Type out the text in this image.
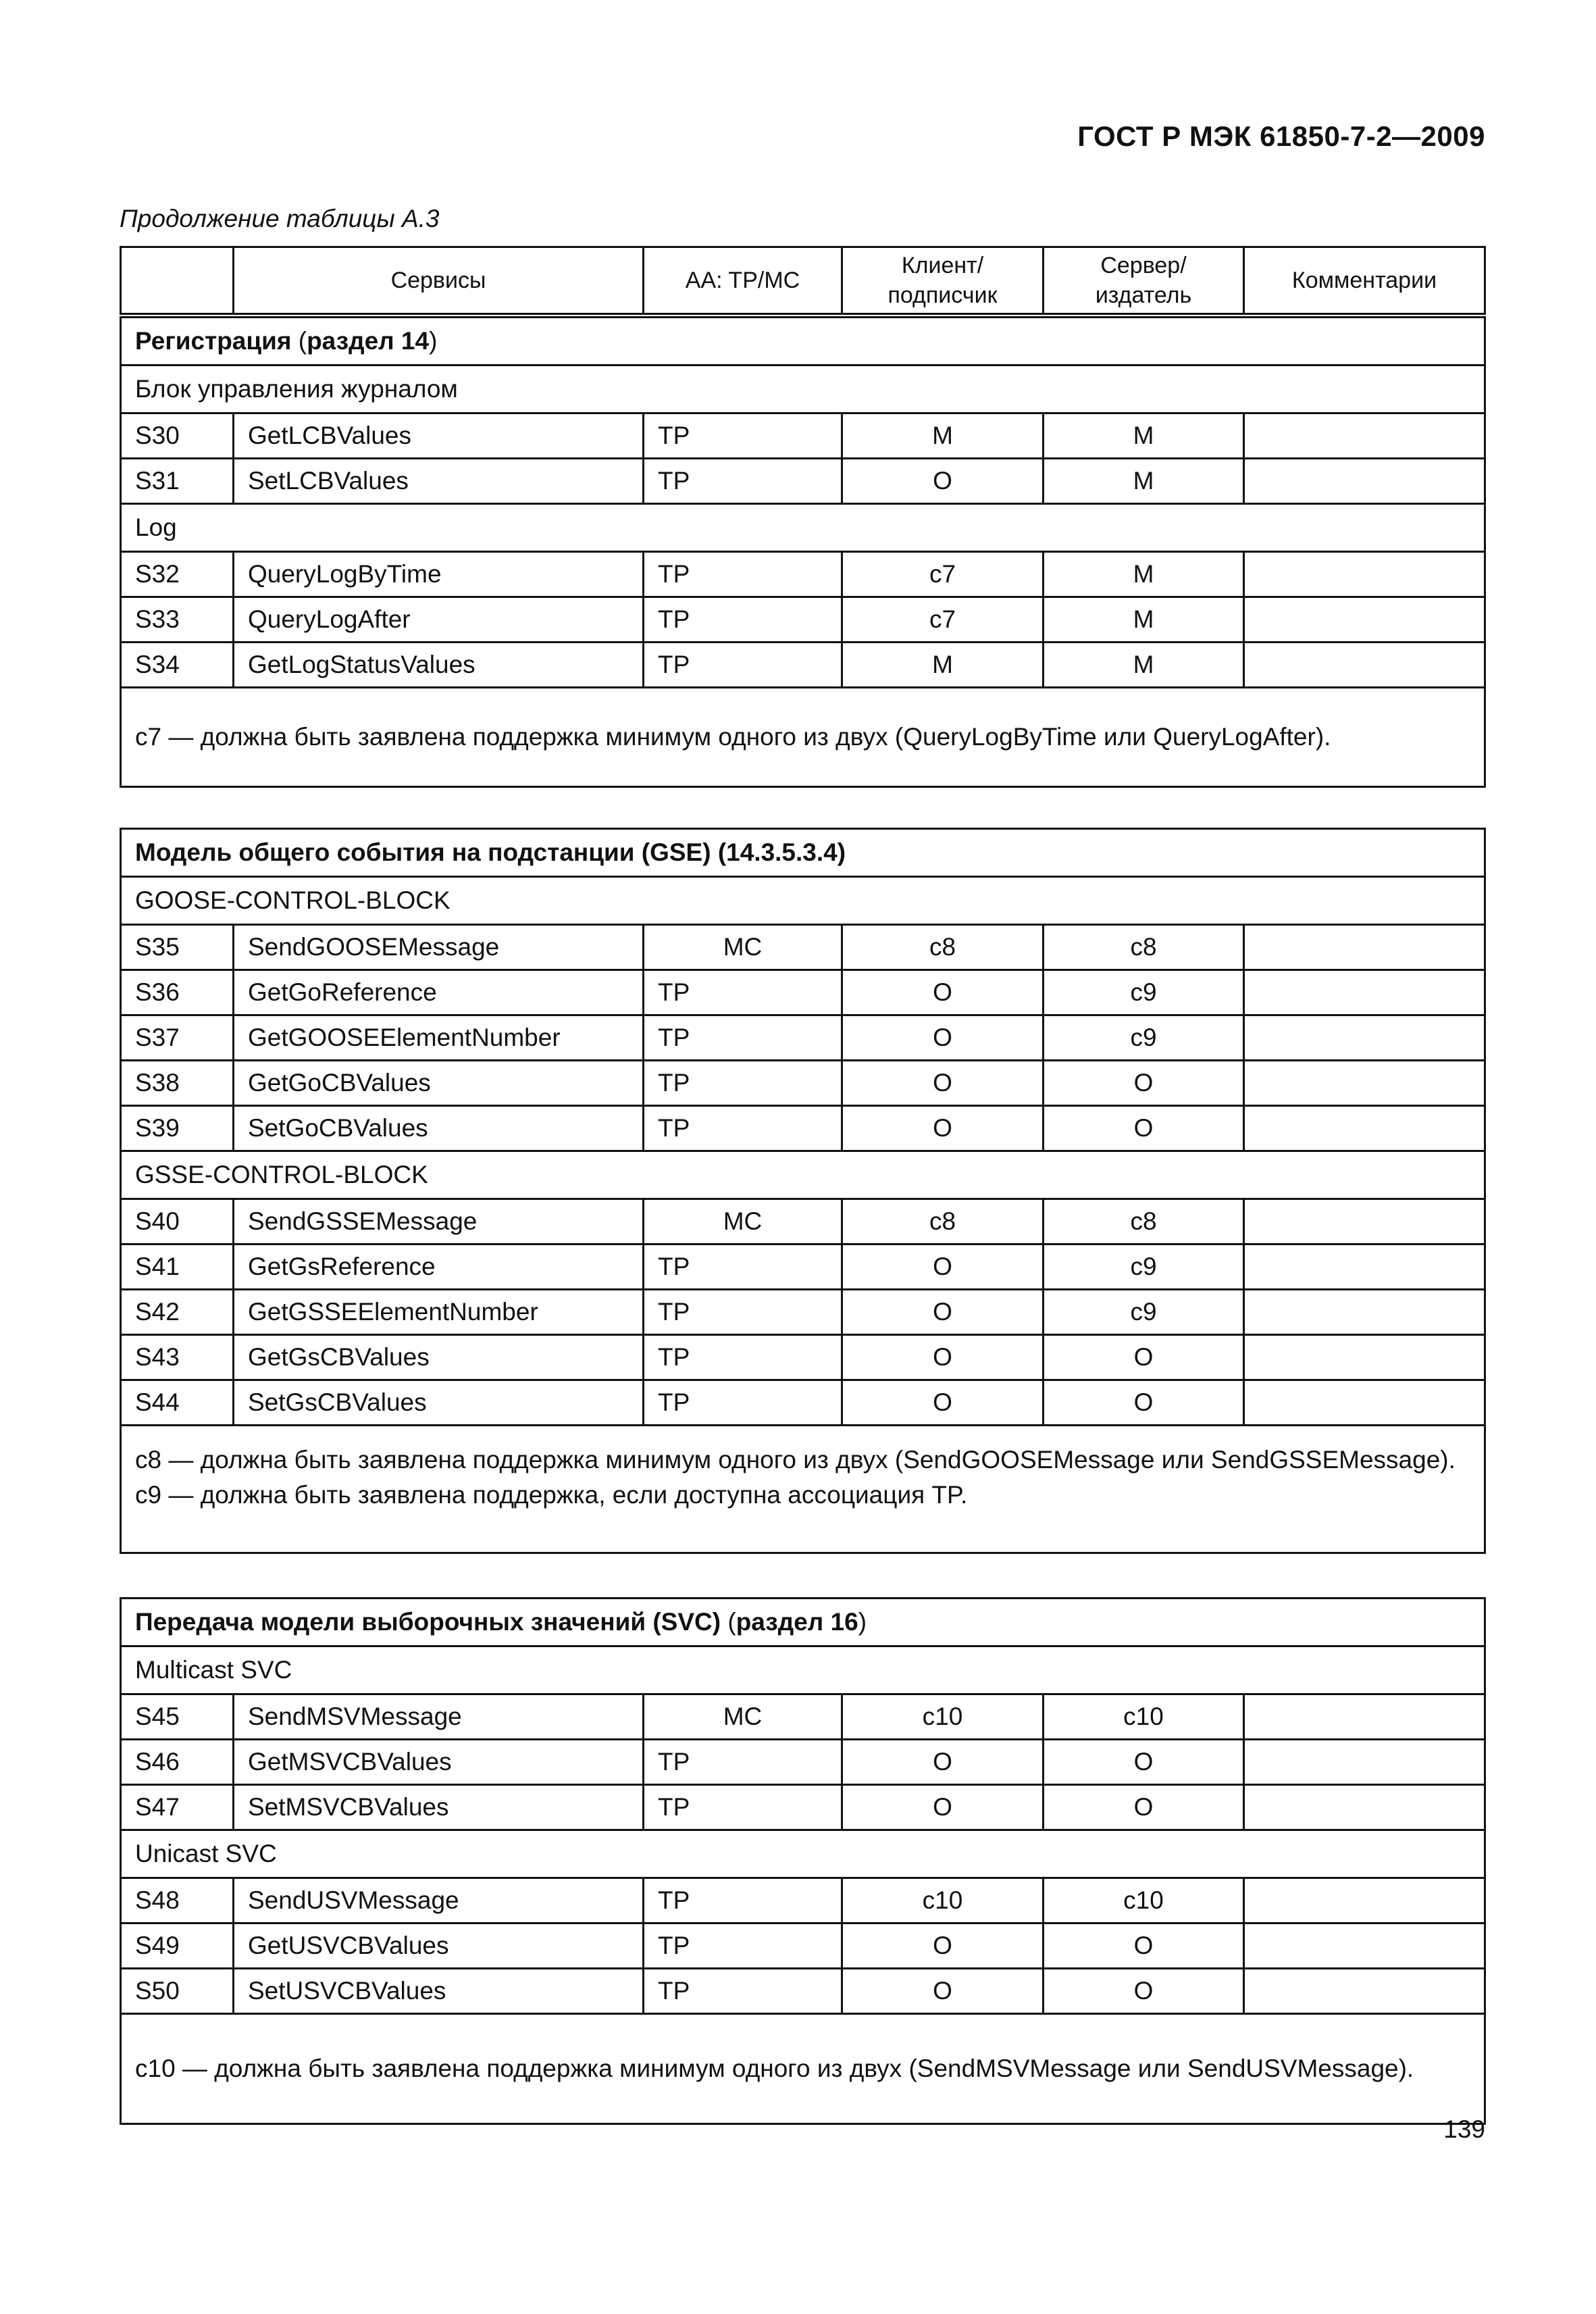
ГОСТ Р МЭК 61850-7-2—2009
Продолжение таблицы А.3
	Сервисы	AA: TP/MC	Клиент/ подписчик	Сервер/ издатель	Комментарии
Регистрация (раздел 14)					
Блок управления журналом					
S30	GetLCBValues	TP	M	M	
S31	SetLCBValues	TP	O	M	
Log					
S32	QueryLogByTime	TP	c7	M	
S33	QueryLogAfter	TP	c7	M	
S34	GetLogStatusValues	TP	M	M	
c7 — должна быть заявлена поддержка минимум одного из двух (QueryLogByTime или QueryLogAfter).					
Модель общего события на подстанции (GSE) (14.3.5.3.4)					
GOOSE-CONTROL-BLOCK					
S35	SendGOOSEMessage	MC	c8	c8	
S36	GetGoReference	TP	O	c9	
S37	GetGOOSEElementNumber	TP	O	c9	
S38	GetGoCBValues	TP	O	O	
S39	SetGoCBValues	TP	O	O	
GSSE-CONTROL-BLOCK					
S40	SendGSSEMessage	MC	c8	c8	
S41	GetGsReference	TP	O	c9	
S42	GetGSSEElementNumber	TP	O	c9	
S43	GetGsCBValues	TP	O	O	
S44	SetGsCBValues	TP	O	O	

c8 — должна быть заявлена поддержка минимум одного из двух (SendGOOSEMessage или SendGSSEMessage).
c9 — должна быть заявлена поддержка, если доступна ассоциация TP.					
Передача модели выборочных значений (SVC) (раздел 16)					
Multicast SVC					
S45	SendMSVMessage	MC	c10	c10	
S46	GetMSVCBValues	TP	O	O	
S47	SetMSVCBValues	TP	O	O	
Unicast SVC					
S48	SendUSVMessage	TP	c10	c10	
S49	GetUSVCBValues	TP	O	O	
S50	SetUSVCBValues	TP	O	O	
c10 — должна быть заявлена поддержка минимум одного из двух (SendMSVMessage или SendUSVMessage).					
139
